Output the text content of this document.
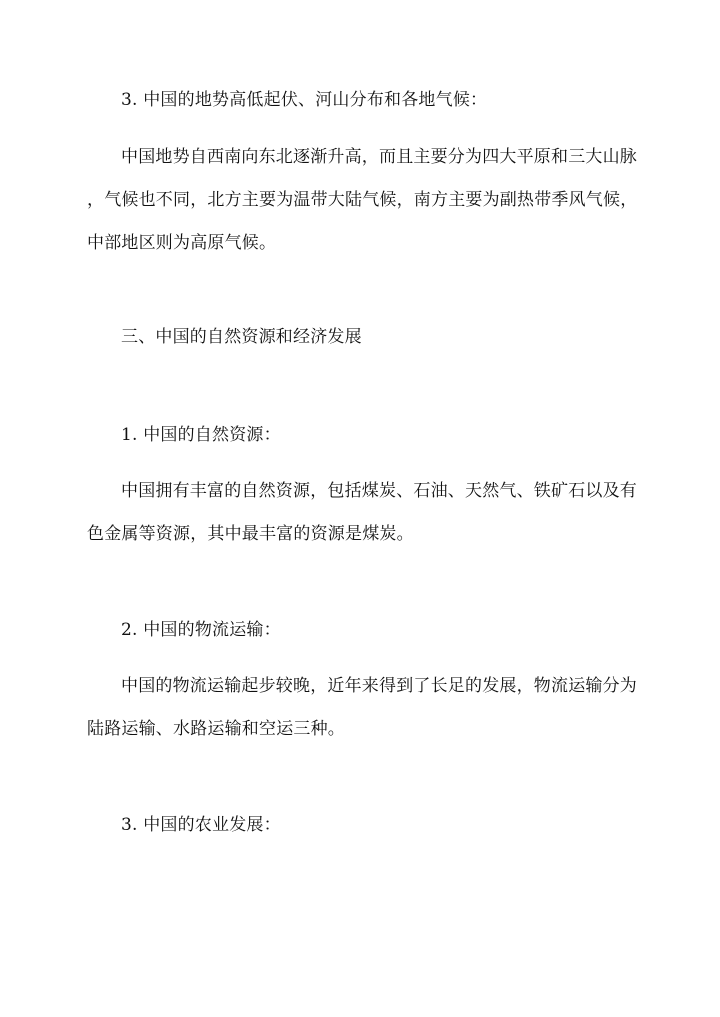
3. 中国的地势高低起伏、河山分布和各地气候：
中国地势自西南向东北逐渐升高，而且主要分为四大平原和三大山脉
，气候也不同，北方主要为温带大陆气候，南方主要为副热带季风气候，
中部地区则为高原气候。
三、中国的自然资源和经济发展
1. 中国的自然资源：
中国拥有丰富的自然资源，包括煤炭、石油、天然气、铁矿石以及有
色金属等资源，其中最丰富的资源是煤炭。
2. 中国的物流运输：
中国的物流运输起步较晚，近年来得到了长足的发展，物流运输分为
陆路运输、水路运输和空运三种。
3. 中国的农业发展：
